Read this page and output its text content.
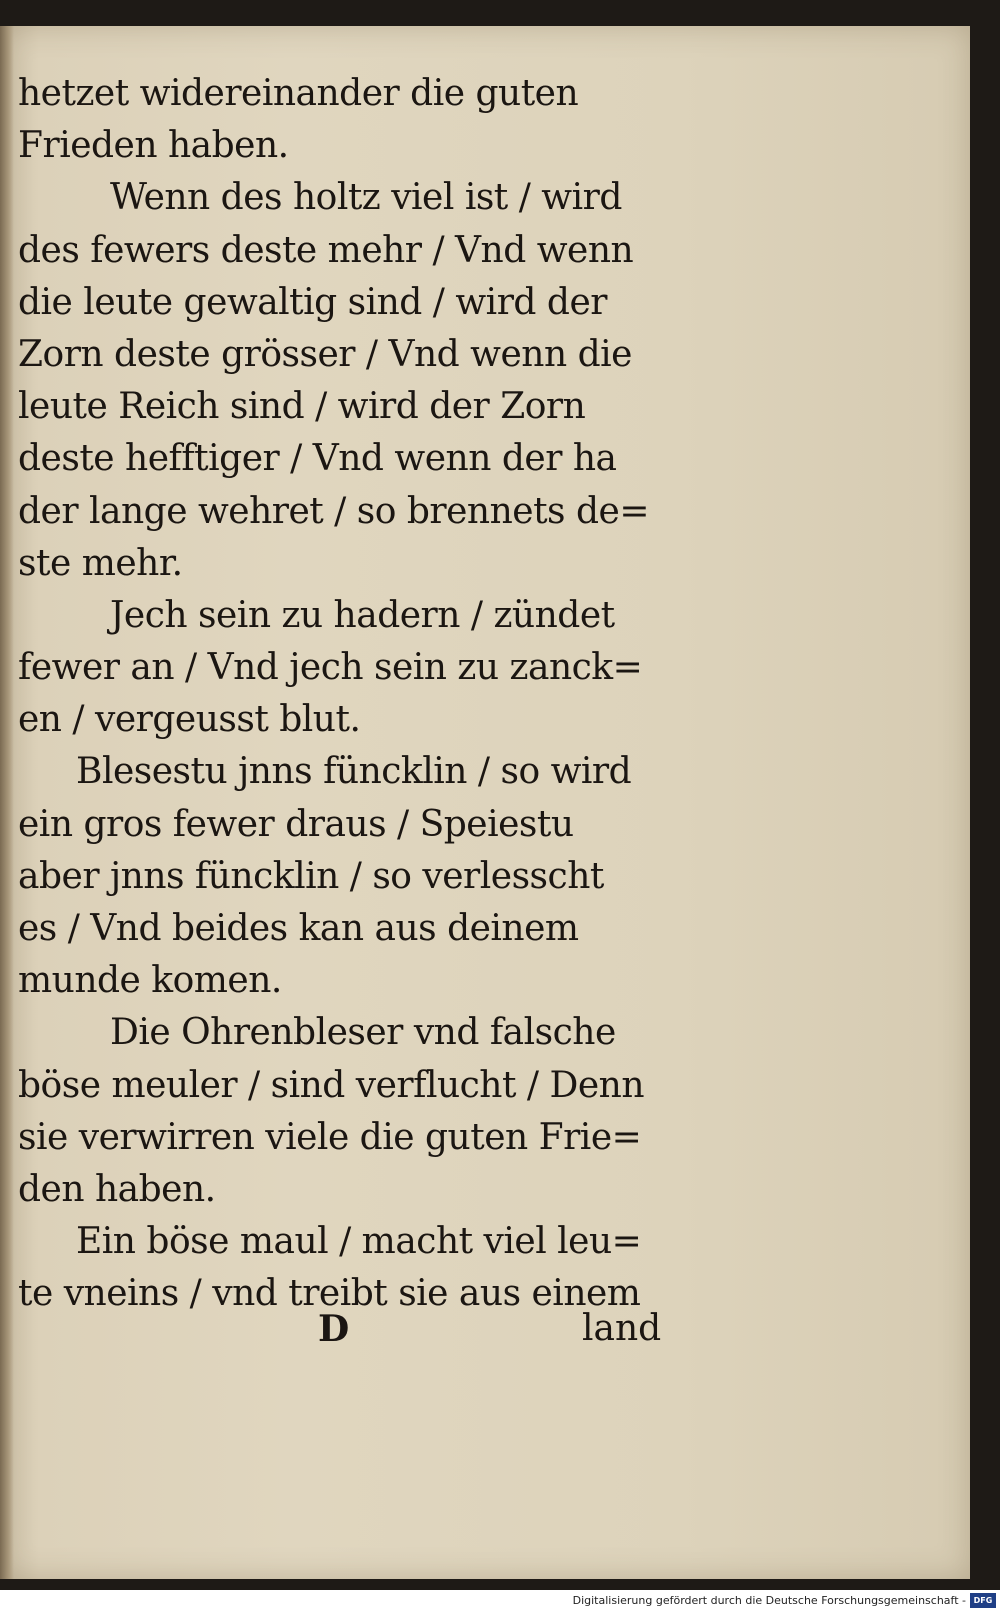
hetzet widereinander die guten
Frieden haben.
Wenn des holtz viel ist / wird
des fewers deste mehr / Vnd wenn
die leute gewaltig sind / wird der
Zorn deste grösser / Vnd wenn die
leute Reich sind / wird der Zorn
deste hefftiger / Vnd wenn der ha
der lange wehret / so brennets de=
ste mehr.
Jech sein zu hadern / zündet
fewer an / Vnd jech sein zu zanck=
en / vergeusst blut.
Blesestu jnns füncklin / so wird
ein gros fewer draus / Speiestu
aber jnns füncklin / so verlesscht
es / Vnd beides kan aus deinem
munde komen.
Die Ohrenbleser vnd falsche
böse meuler / sind verflucht / Denn
sie verwirren viele die guten Frie=
den haben.
Ein böse maul / macht viel leu=
te vneins / vnd treibt sie aus einem
D	land
Digitalisierung gefördert durch die Deutsche Forschungsgemeinschaft - DFG
